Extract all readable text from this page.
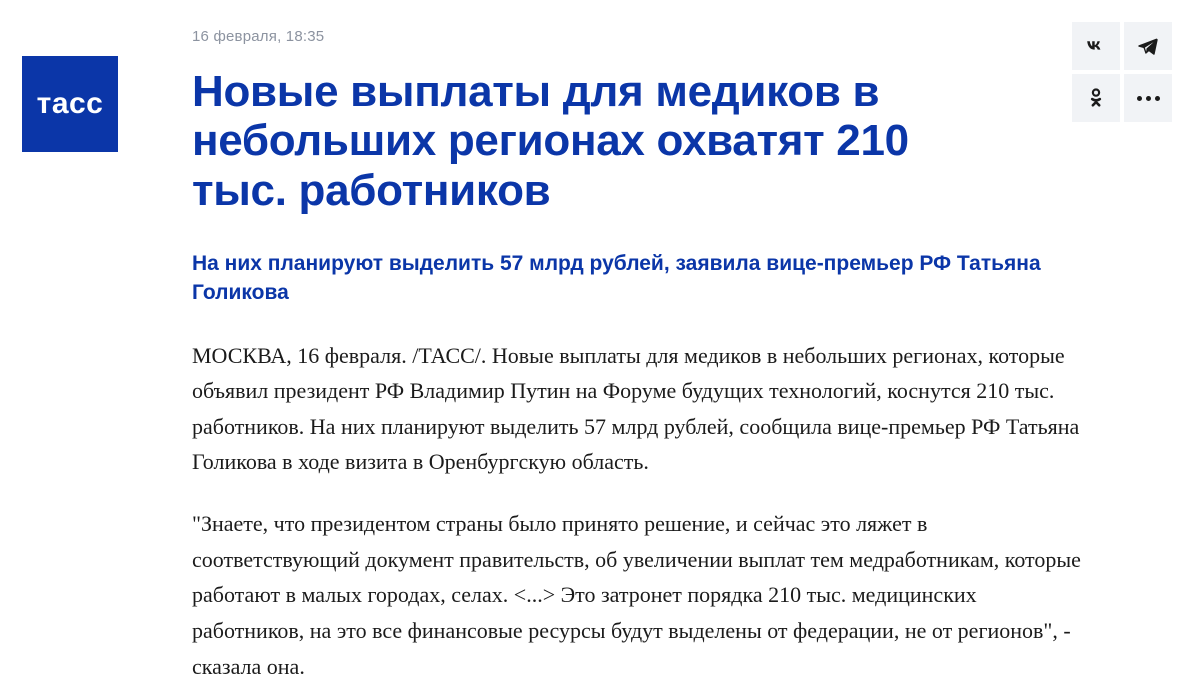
тасс
16 февраля, 18:35
Новые выплаты для медиков в небольших регионах охватят 210 тыс. работников
На них планируют выделить 57 млрд рублей, заявила вице-премьер РФ Татьяна Голикова

МОСКВА, 16 февраля. /ТАСС/. Новые выплаты для медиков в небольших регионах, которые объявил президент РФ Владимир Путин на Форуме будущих технологий, коснутся 210 тыс. работников. На них планируют выделить 57 млрд рублей, сообщила вице-премьер РФ Татьяна Голикова в ходе визита в Оренбургскую область.

"Знаете, что президентом страны было принято решение, и сейчас это ляжет в соответствующий документ правительств, об увеличении выплат тем медработникам, которые работают в малых городах, селах. <...> Это затронет порядка 210 тыс. медицинских работников, на это все финансовые ресурсы будут выделены от федерации, не от регионов", - сказала она.
